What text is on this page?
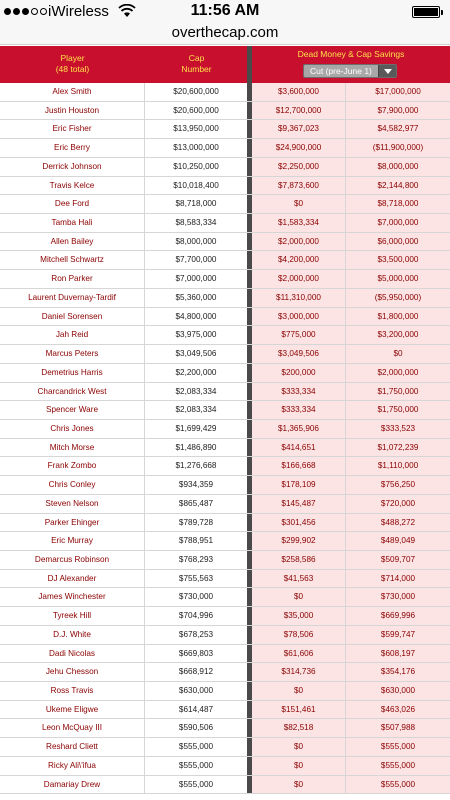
iWireless	11:56 AM
overthecap.com
Player
(48 total)
Cap
Number
Dead Money & Cap Savings
Cut (pre-June 1)
Alex Smith	$20,600,000	$3,600,000	$17,000,000
Justin Houston	$20,600,000	$12,700,000	$7,900,000
Eric Fisher	$13,950,000	$9,367,023	$4,582,977
Eric Berry	$13,000,000	$24,900,000	($11,900,000)
Derrick Johnson	$10,250,000	$2,250,000	$8,000,000
Travis Kelce	$10,018,400	$7,873,600	$2,144,800
Dee Ford	$8,718,000	$0	$8,718,000
Tamba Hali	$8,583,334	$1,583,334	$7,000,000
Allen Bailey	$8,000,000	$2,000,000	$6,000,000
Mitchell Schwartz	$7,700,000	$4,200,000	$3,500,000
Ron Parker	$7,000,000	$2,000,000	$5,000,000
Laurent Duvernay-Tardif	$5,360,000	$11,310,000	($5,950,000)
Daniel Sorensen	$4,800,000	$3,000,000	$1,800,000
Jah Reid	$3,975,000	$775,000	$3,200,000
Marcus Peters	$3,049,506	$3,049,506	$0
Demetrius Harris	$2,200,000	$200,000	$2,000,000
Charcandrick West	$2,083,334	$333,334	$1,750,000
Spencer Ware	$2,083,334	$333,334	$1,750,000
Chris Jones	$1,699,429	$1,365,906	$333,523
Mitch Morse	$1,486,890	$414,651	$1,072,239
Frank Zombo	$1,276,668	$166,668	$1,110,000
Chris Conley	$934,359	$178,109	$756,250
Steven Nelson	$865,487	$145,487	$720,000
Parker Ehinger	$789,728	$301,456	$488,272
Eric Murray	$788,951	$299,902	$489,049
Demarcus Robinson	$768,293	$258,586	$509,707
DJ Alexander	$755,563	$41,563	$714,000
James Winchester	$730,000	$0	$730,000
Tyreek Hill	$704,996	$35,000	$669,996
D.J. White	$678,253	$78,506	$599,747
Dadi Nicolas	$669,803	$61,606	$608,197
Jehu Chesson	$668,912	$314,736	$354,176
Ross Travis	$630,000	$0	$630,000
Ukeme Eligwe	$614,487	$151,461	$463,026
Leon McQuay III	$590,506	$82,518	$507,988
Reshard Cliett	$555,000	$0	$555,000
Ricky Ali\'ifua	$555,000	$0	$555,000
Damariay Drew	$555,000	$0	$555,000
